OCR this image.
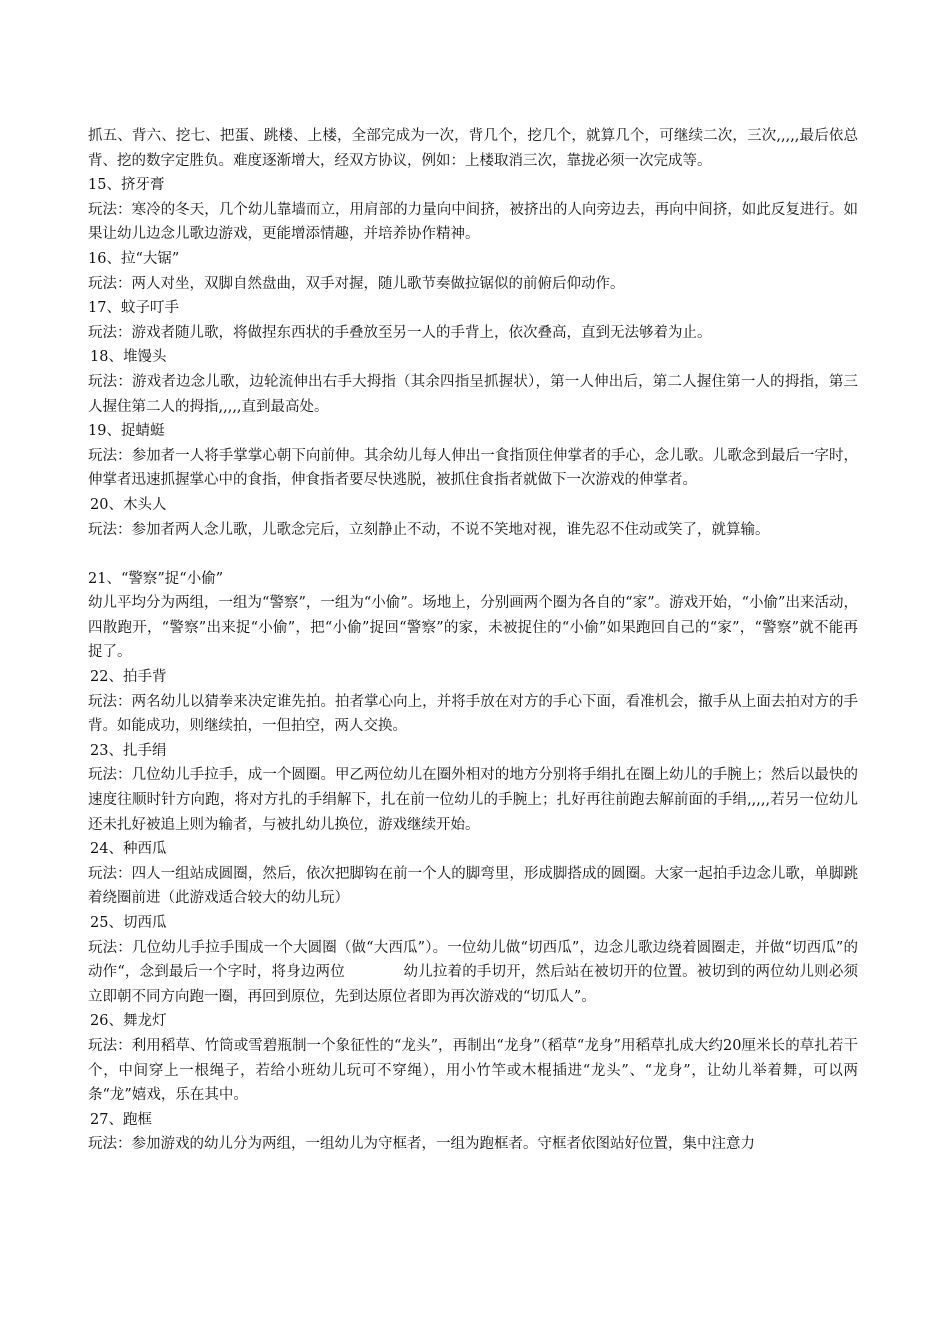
抓五、背六、挖七、把蛋、跳楼、上楼，全部完成为一次，背几个，挖几个，就算几个，可继续二次，三次,,,,,最后依总背、挖的数字定胜负。难度逐渐增大，经双方协议，例如：上楼取消三次，靠拢必须一次完成等。

15、挤牙膏

玩法：寒冷的冬天，几个幼儿靠墙而立，用肩部的力量向中间挤，被挤出的人向旁边去，再向中间挤，如此反复进行。如果让幼儿边念儿歌边游戏，更能增添情趣，并培养协作精神。

16、拉“大锯”

玩法：两人对坐，双脚自然盘曲，双手对握，随儿歌节奏做拉锯似的前俯后仰动作。

17、蚊子叮手

玩法：游戏者随儿歌，将做捏东西状的手叠放至另一人的手背上，依次叠高，直到无法够着为止。

18、堆馒头

玩法：游戏者边念儿歌，边轮流伸出右手大拇指（其余四指呈抓握状），第一人伸出后，第二人握住第一人的拇指，第三人握住第二人的拇指,,,,,直到最高处。

19、捉蜻蜓

玩法：参加者一人将手掌掌心朝下向前伸。其余幼儿每人伸出一食指顶住伸掌者的手心，念儿歌。儿歌念到最后一字时，伸掌者迅速抓握掌心中的食指，伸食指者要尽快逃脱，被抓住食指者就做下一次游戏的伸掌者。

20、木头人

玩法：参加者两人念儿歌，儿歌念完后，立刻静止不动，不说不笑地对视，谁先忍不住动或笑了，就算输。

21、“警察”捉“小偷”

幼儿平均分为两组，一组为“警察”，一组为“小偷”。场地上，分别画两个圈为各自的“家”。游戏开始，“小偷”出来活动，四散跑开，“警察”出来捉“小偷”，把“小偷”捉回“警察”的家，未被捉住的“小偷”如果跑回自己的“家”，“警察”就不能再捉了。

22、拍手背

玩法：两名幼儿以猜拳来决定谁先拍。拍者掌心向上，并将手放在对方的手心下面，看准机会，撤手从上面去拍对方的手背。如能成功，则继续拍，一但拍空，两人交换。

23、扎手绢

玩法：几位幼儿手拉手，成一个圆圈。甲乙两位幼儿在圈外相对的地方分别将手绢扎在圈上幼儿的手腕上；然后以最快的速度往顺时针方向跑，将对方扎的手绢解下，扎在前一位幼儿的手腕上；扎好再往前跑去解前面的手绢,,,,,若另一位幼儿还未扎好被追上则为输者，与被扎幼儿换位，游戏继续开始。

24、种西瓜

玩法：四人一组站成圆圈，然后，依次把脚钩在前一个人的脚弯里，形成脚搭成的圆圈。大家一起拍手边念儿歌，单脚跳着绕圈前进（此游戏适合较大的幼儿玩）

25、切西瓜

玩法：几位幼儿手拉手围成一个大圆圈（做“大西瓜”）。一位幼儿做“切西瓜”，边念儿歌边绕着圆圈走，并做“切西瓜”的动作“，念到最后一个字时，将身边两位　　　　幼儿拉着的手切开，然后站在被切开的位置。被切到的两位幼儿则必须立即朝不同方向跑一圈，再回到原位，先到达原位者即为再次游戏的“切瓜人”。

26、舞龙灯

玩法：利用稻草、竹筒或雪碧瓶制一个象征性的“龙头”，再制出“龙身”（稻草“龙身”用稻草扎成大约20厘米长的草扎若干个，中间穿上一根绳子，若给小班幼儿玩可不穿绳），用小竹竿或木棍插进“龙头”、“龙身”，让幼儿举着舞，可以两条“龙”嬉戏，乐在其中。

27、跑框

玩法：参加游戏的幼儿分为两组，一组幼儿为守框者，一组为跑框者。守框者依图站好位置，集中注意力
